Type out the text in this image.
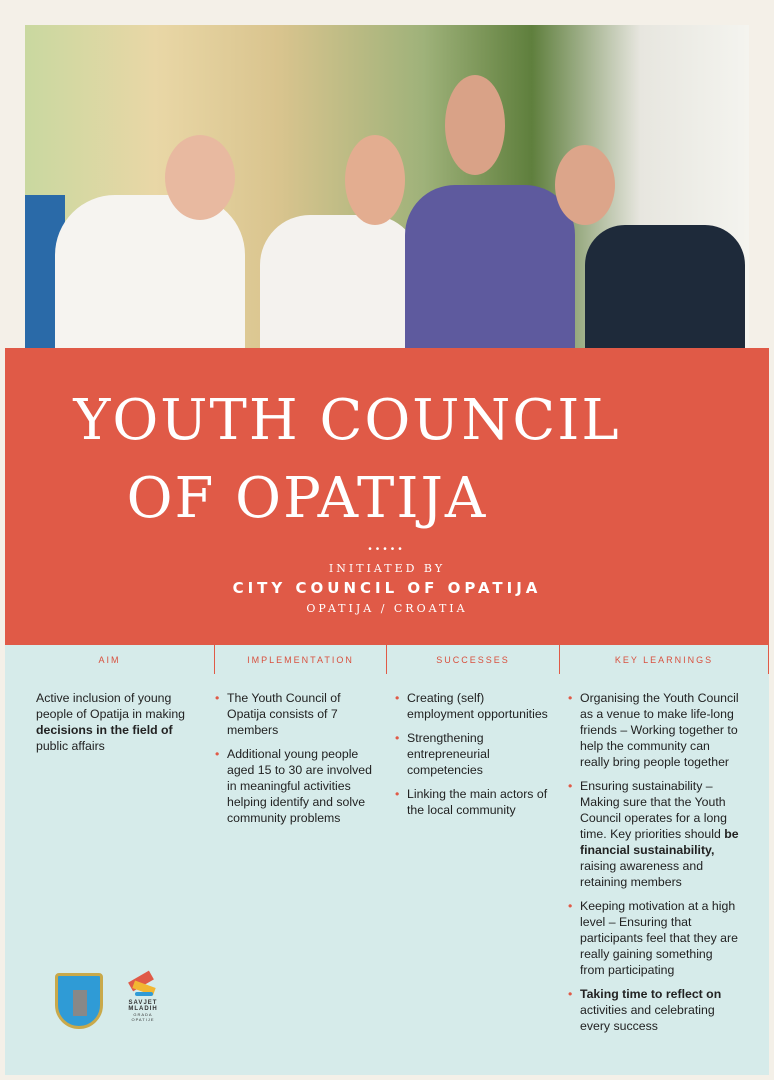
YOUTH COUNCIL
OF OPATIJA
•••••
INITIATED BY
CITY COUNCIL OF OPATIJA
OPATIJA / CROATIA
AIM
Active inclusion of young people of Opatija in making decisions in the field of public affairs
IMPLEMENTATION
• The Youth Council of Opatija consists of 7 members
• Additional young people aged 15 to 30 are involved in meaningful activities helping identify and solve community problems
SUCCESSES
• Creating (self) employment opportunities
• Strengthening entrepreneurial competencies
• Linking the main actors of the local community
KEY LEARNINGS
• Organising the Youth Council as a venue to make life-long friends – Working together to help the community can really bring people together
• Ensuring sustainability – Making sure that the Youth Council operates for a long time. Key priorities should be financial sustainability, raising awareness and retaining members
• Keeping motivation at a high level – Ensuring that participants feel that they are really gaining something from participating
• Taking time to reflect on activities and celebrating every success
SAVJET
MLADIH
GRADA OPATIJE
